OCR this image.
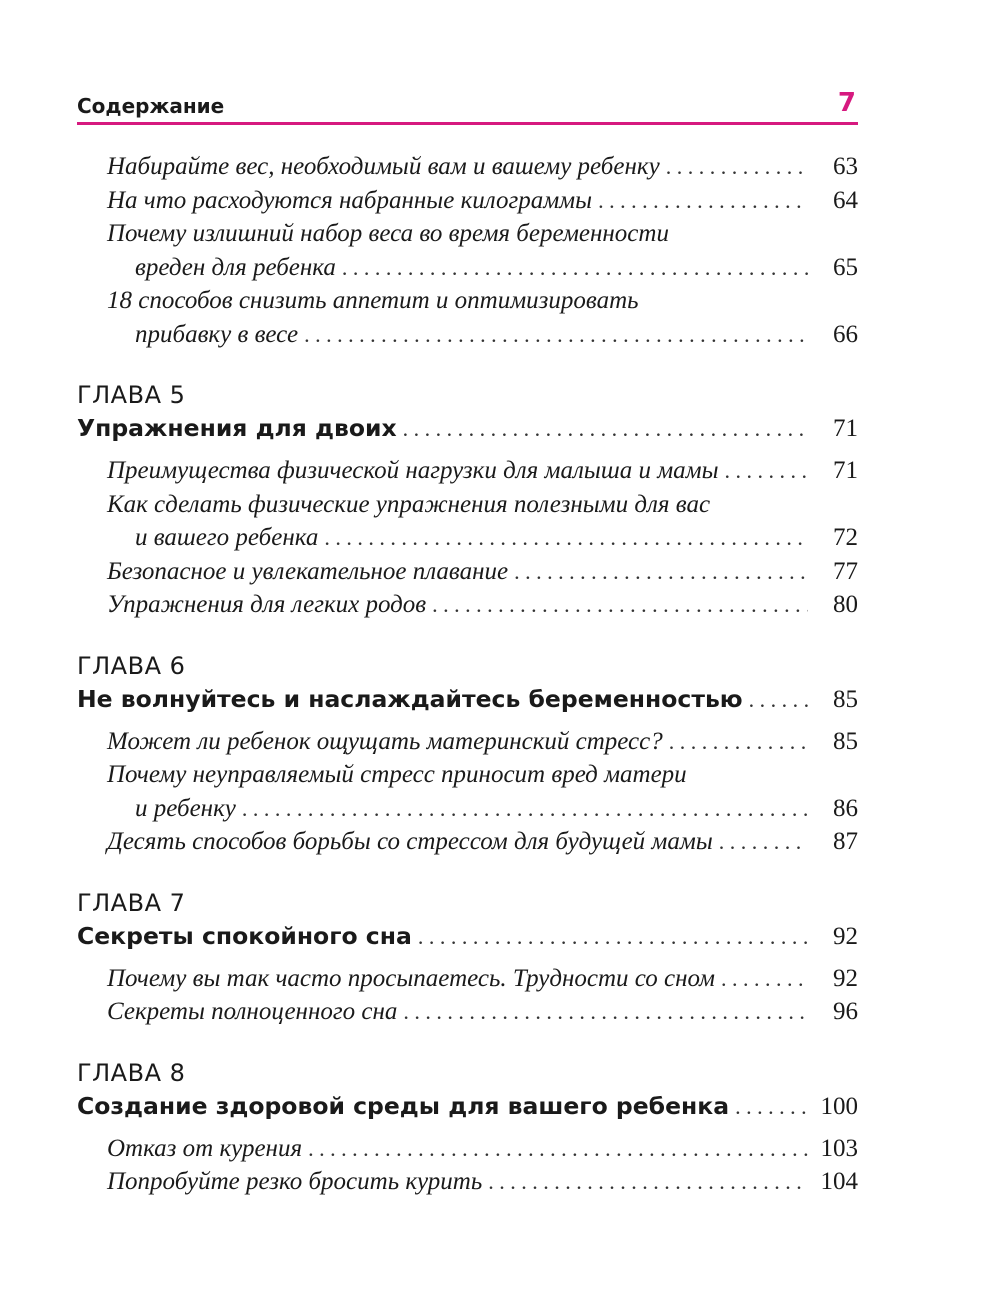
Содержание	7
Набирайте вес, необходимый вам и вашему ребенку . . .	63
На что расходуются набранные килограммы . . .	64
Почему излишний набор веса во время беременности
вреден для ребенка . . .	65
18 способов снизить аппетит и оптимизировать
прибавку в весе . . .	66
ГЛАВА 5
Упражнения для двоих . . .	71
Преимущества физической нагрузки для малыша и мамы . . .	71
Как сделать физические упражнения полезными для вас
и вашего ребенка . . .	72
Безопасное и увлекательное плавание . . .	77
Упражнения для легких родов . . .	80
ГЛАВА 6
Не волнуйтесь и наслаждайтесь беременностью . . .	85
Может ли ребенок ощущать материнский стресс? . . .	85
Почему неуправляемый стресс приносит вред матери
и ребенку . . .	86
Десять способов борьбы со стрессом для будущей мамы . . .	87
ГЛАВА 7
Секреты спокойного сна . . .	92
Почему вы так часто просыпаетесь. Трудности со сном . . .	92
Секреты полноценного сна . . .	96
ГЛАВА 8
Создание здоровой среды для вашего ребенка . . .	100
Отказ от курения . . .	103
Попробуйте резко бросить курить . . .	104
